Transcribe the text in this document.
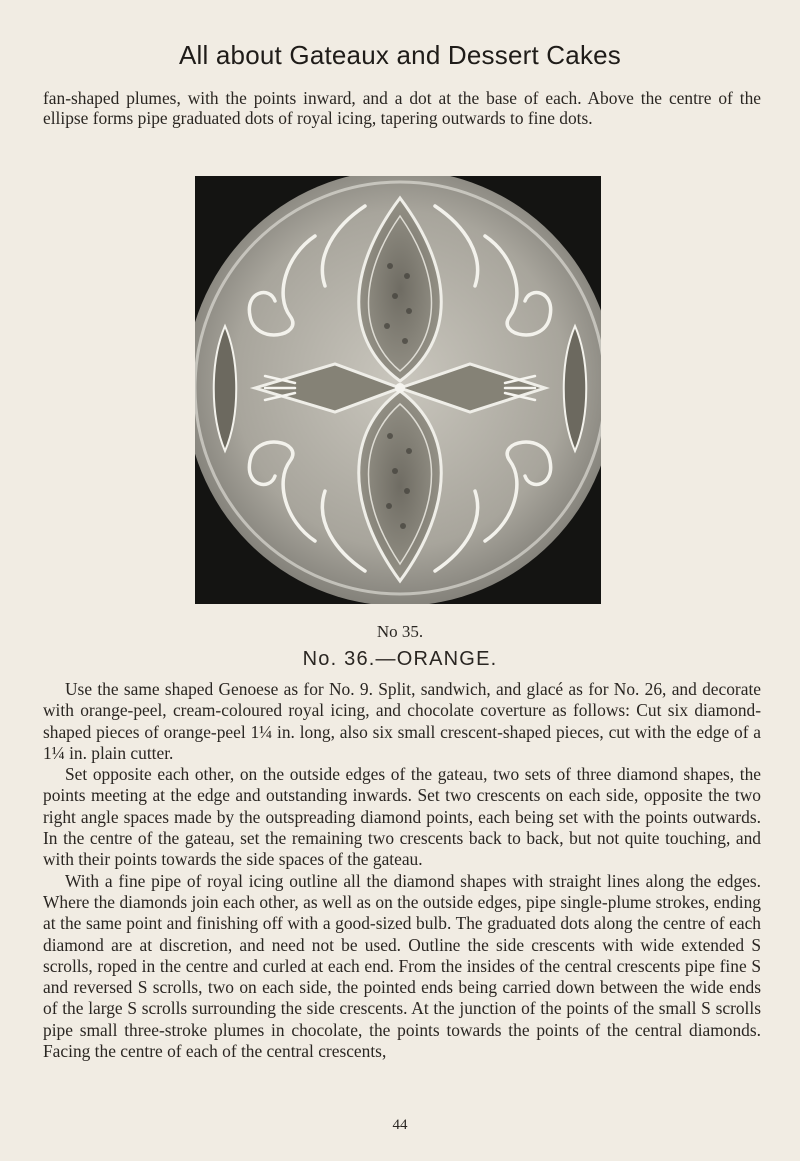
All about Gateaux and Dessert Cakes
fan-shaped plumes, with the points inward, and a dot at the base of each. Above the centre of the ellipse forms pipe graduated dots of royal icing, tapering outwards to fine dots.
No 35.
No. 36.—ORANGE.

Use the same shaped Genoese as for No. 9. Split, sandwich, and glacé as for No. 26, and decorate with orange-peel, cream-coloured royal icing, and chocolate coverture as follows: Cut six diamond-shaped pieces of orange-peel 1¼ in. long, also six small crescent-shaped pieces, cut with the edge of a 1¼ in. plain cutter.

Set opposite each other, on the outside edges of the gateau, two sets of three diamond shapes, the points meeting at the edge and outstanding inwards. Set two crescents on each side, opposite the two right angle spaces made by the outspreading diamond points, each being set with the points outwards. In the centre of the gateau, set the remaining two crescents back to back, but not quite touching, and with their points towards the side spaces of the gateau.

With a fine pipe of royal icing outline all the diamond shapes with straight lines along the edges. Where the diamonds join each other, as well as on the outside edges, pipe single-plume strokes, ending at the same point and finishing off with a good-sized bulb. The graduated dots along the centre of each diamond are at discretion, and need not be used. Outline the side crescents with wide extended S scrolls, roped in the centre and curled at each end. From the insides of the central crescents pipe fine S and reversed S scrolls, two on each side, the pointed ends being carried down between the wide ends of the large S scrolls surrounding the side crescents. At the junction of the points of the small S scrolls pipe small three-stroke plumes in chocolate, the points towards the points of the central diamonds. Facing the centre of each of the central crescents,

44
